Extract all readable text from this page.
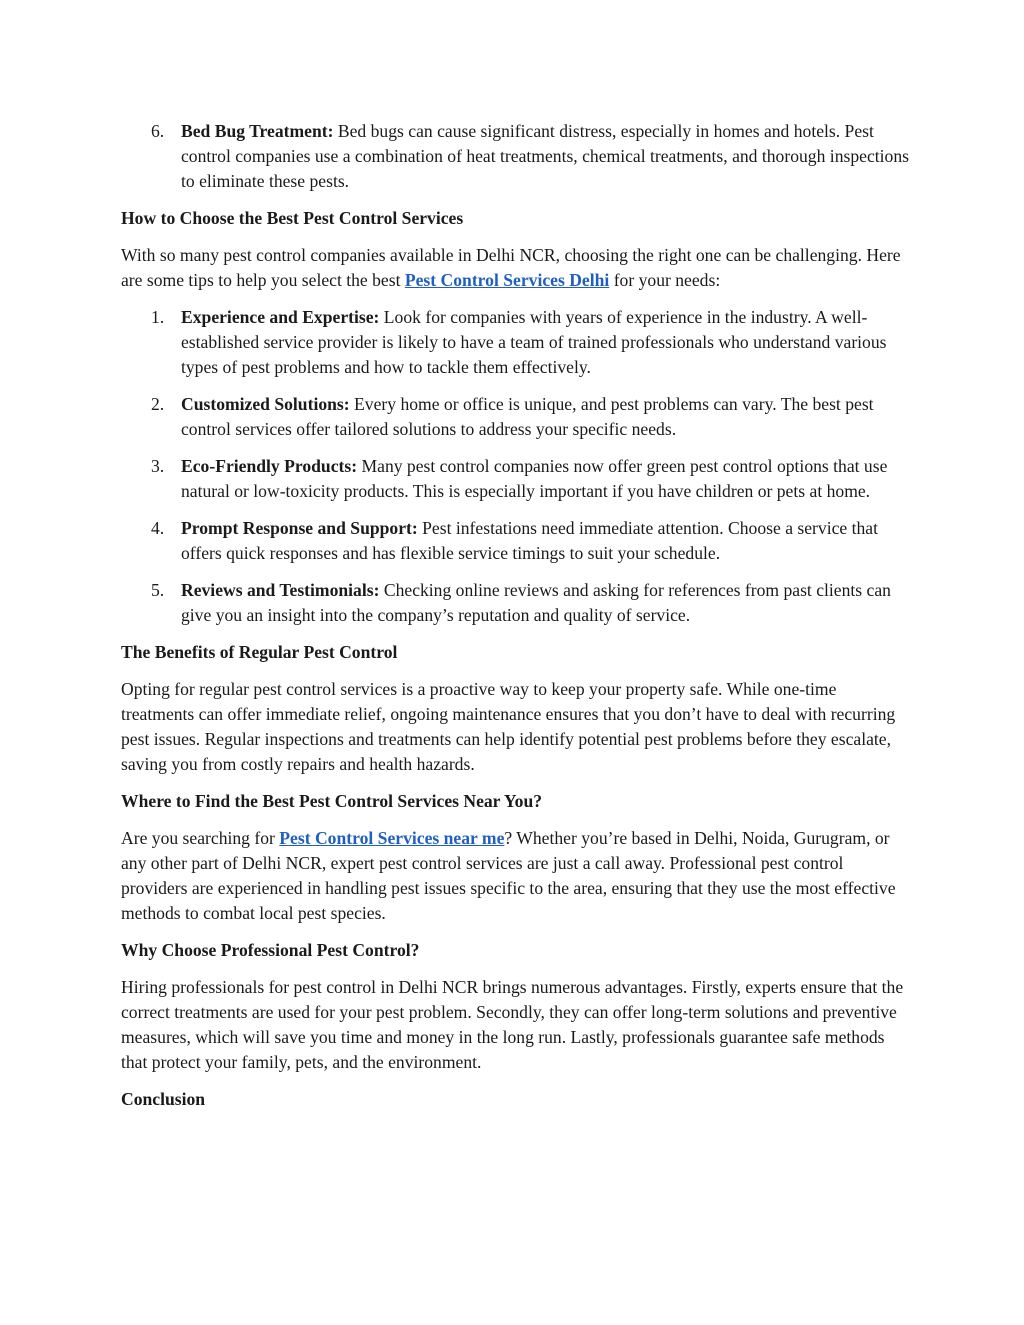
6. Bed Bug Treatment: Bed bugs can cause significant distress, especially in homes and hotels. Pest control companies use a combination of heat treatments, chemical treatments, and thorough inspections to eliminate these pests.
How to Choose the Best Pest Control Services

With so many pest control companies available in Delhi NCR, choosing the right one can be challenging. Here are some tips to help you select the best Pest Control Services Delhi for your needs:

1. Experience and Expertise: Look for companies with years of experience in the industry. A well-established service provider is likely to have a team of trained professionals who understand various types of pest problems and how to tackle them effectively.
2. Customized Solutions: Every home or office is unique, and pest problems can vary. The best pest control services offer tailored solutions to address your specific needs.
3. Eco-Friendly Products: Many pest control companies now offer green pest control options that use natural or low-toxicity products. This is especially important if you have children or pets at home.
4. Prompt Response and Support: Pest infestations need immediate attention. Choose a service that offers quick responses and has flexible service timings to suit your schedule.
5. Reviews and Testimonials: Checking online reviews and asking for references from past clients can give you an insight into the company’s reputation and quality of service.
The Benefits of Regular Pest Control

Opting for regular pest control services is a proactive way to keep your property safe. While one-time treatments can offer immediate relief, ongoing maintenance ensures that you don’t have to deal with recurring pest issues. Regular inspections and treatments can help identify potential pest problems before they escalate, saving you from costly repairs and health hazards.

Where to Find the Best Pest Control Services Near You?

Are you searching for Pest Control Services near me? Whether you’re based in Delhi, Noida, Gurugram, or any other part of Delhi NCR, expert pest control services are just a call away. Professional pest control providers are experienced in handling pest issues specific to the area, ensuring that they use the most effective methods to combat local pest species.

Why Choose Professional Pest Control?

Hiring professionals for pest control in Delhi NCR brings numerous advantages. Firstly, experts ensure that the correct treatments are used for your pest problem. Secondly, they can offer long-term solutions and preventive measures, which will save you time and money in the long run. Lastly, professionals guarantee safe methods that protect your family, pets, and the environment.

Conclusion
